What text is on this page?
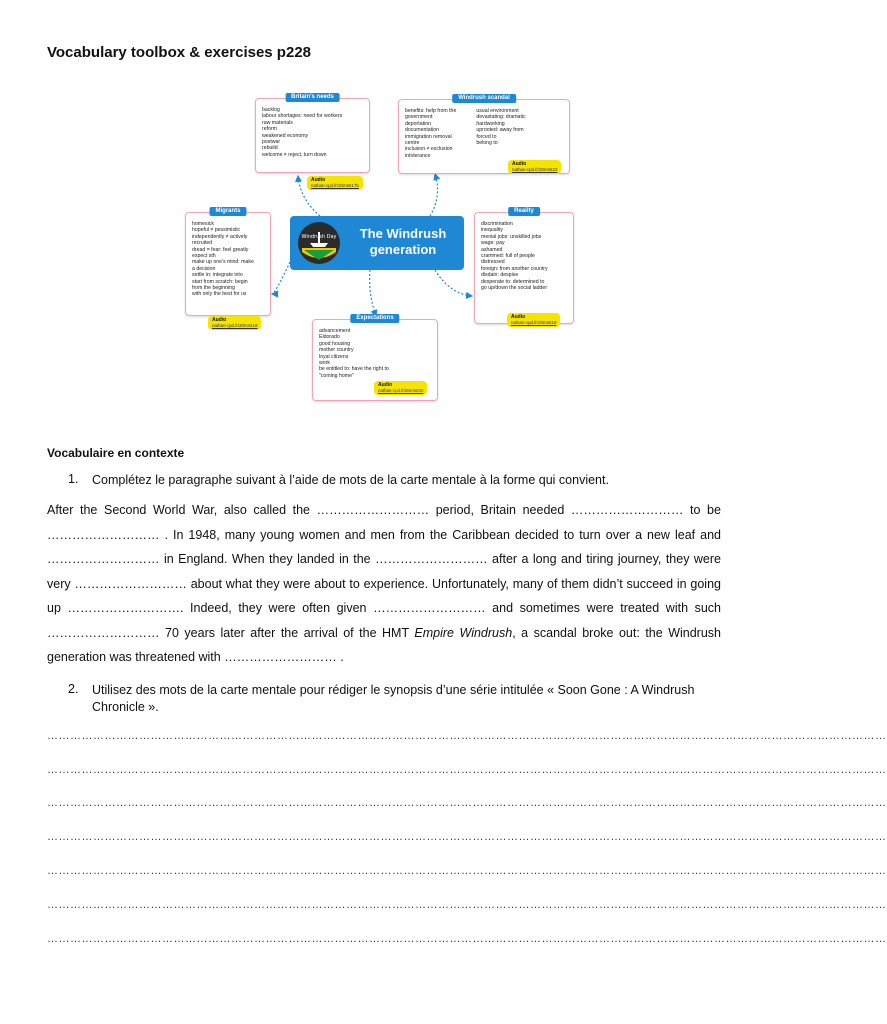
Vocabulary toolbox & exercises p228
Britain's needs
backlog
labour shortages: need for workers
raw materials
reform
weakened economy
postwar
rebuild
welcome ≠ reject, turn down
Audio
nathan-cpd.fr/20mmt17b
Windrush scandal
benefits: help from the
government
deportation
documentation
immigration removal
centre
inclusion ≠ exclusion
intolerance
usual environment
devastating: dramatic
hardworking
uprooted: away from
forced to
belong to
Audio
nathan-cpd.fr/20mmt22
Migrants
homesick
hopeful ≠ pessimistic
independently ≠ actively
recruited
dread = fear: feel greatly
expect sth
make up one's mind: make
a decision
settle in: integrate into
start from scratch: begin
from the beginning
with only the best for us
Audio
nathan-cpd.fr/20mmt18
Reality
discrimination
inequality
menial jobs: unskilled jobs
wage: pay
ashamed
crammed: full of people
distressed
foreign: from another country
disdain: despise
desperate to: determined to
go up/down the social ladder
Audio
nathan-cpd.fr/20mmt19
Expectations
advancement
Eldorado
good housing
mother country
loyal citizens
work
be entitled to: have the right to
"coming home"
Audio
nathan-cpd.fr/20mmt20
Windrush Day	The Windrush generation
Vocabulaire en contexte
1. Complétez le paragraphe suivant à l’aide de mots de la carte mentale à la forme qui convient.
After the Second World War, also called the ……………………… period, Britain needed ……………………… to be ……………………… . In 1948, many young women and men from the Caribbean decided to turn over a new leaf and ……………………… in England. When they landed in the ……………………… after a long and tiring journey, they were very ……………………… about what they were about to experience. Unfortunately, many of them didn’t succeed in going up ………………………. Indeed, they were often given ……………………… and sometimes were treated with such ……………………… 70 years later after the arrival of the HMT Empire Windrush, a scandal broke out: the Windrush generation was threatened with ……………………… .
2. Utilisez des mots de la carte mentale pour rédiger le synopsis d’une série intitulée « Soon Gone : A Windrush Chronicle ».
…………………………………………………………………………………………………………………………………………………………………………………………………
…………………………………………………………………………………………………………………………………………………………………………………………………
…………………………………………………………………………………………………………………………………………………………………………………………………
…………………………………………………………………………………………………………………………………………………………………………………………………
…………………………………………………………………………………………………………………………………………………………………………………………………
…………………………………………………………………………………………………………………………………………………………………………………………………
…………………………………………………………………………………………………………………………………………………………………………………………………
